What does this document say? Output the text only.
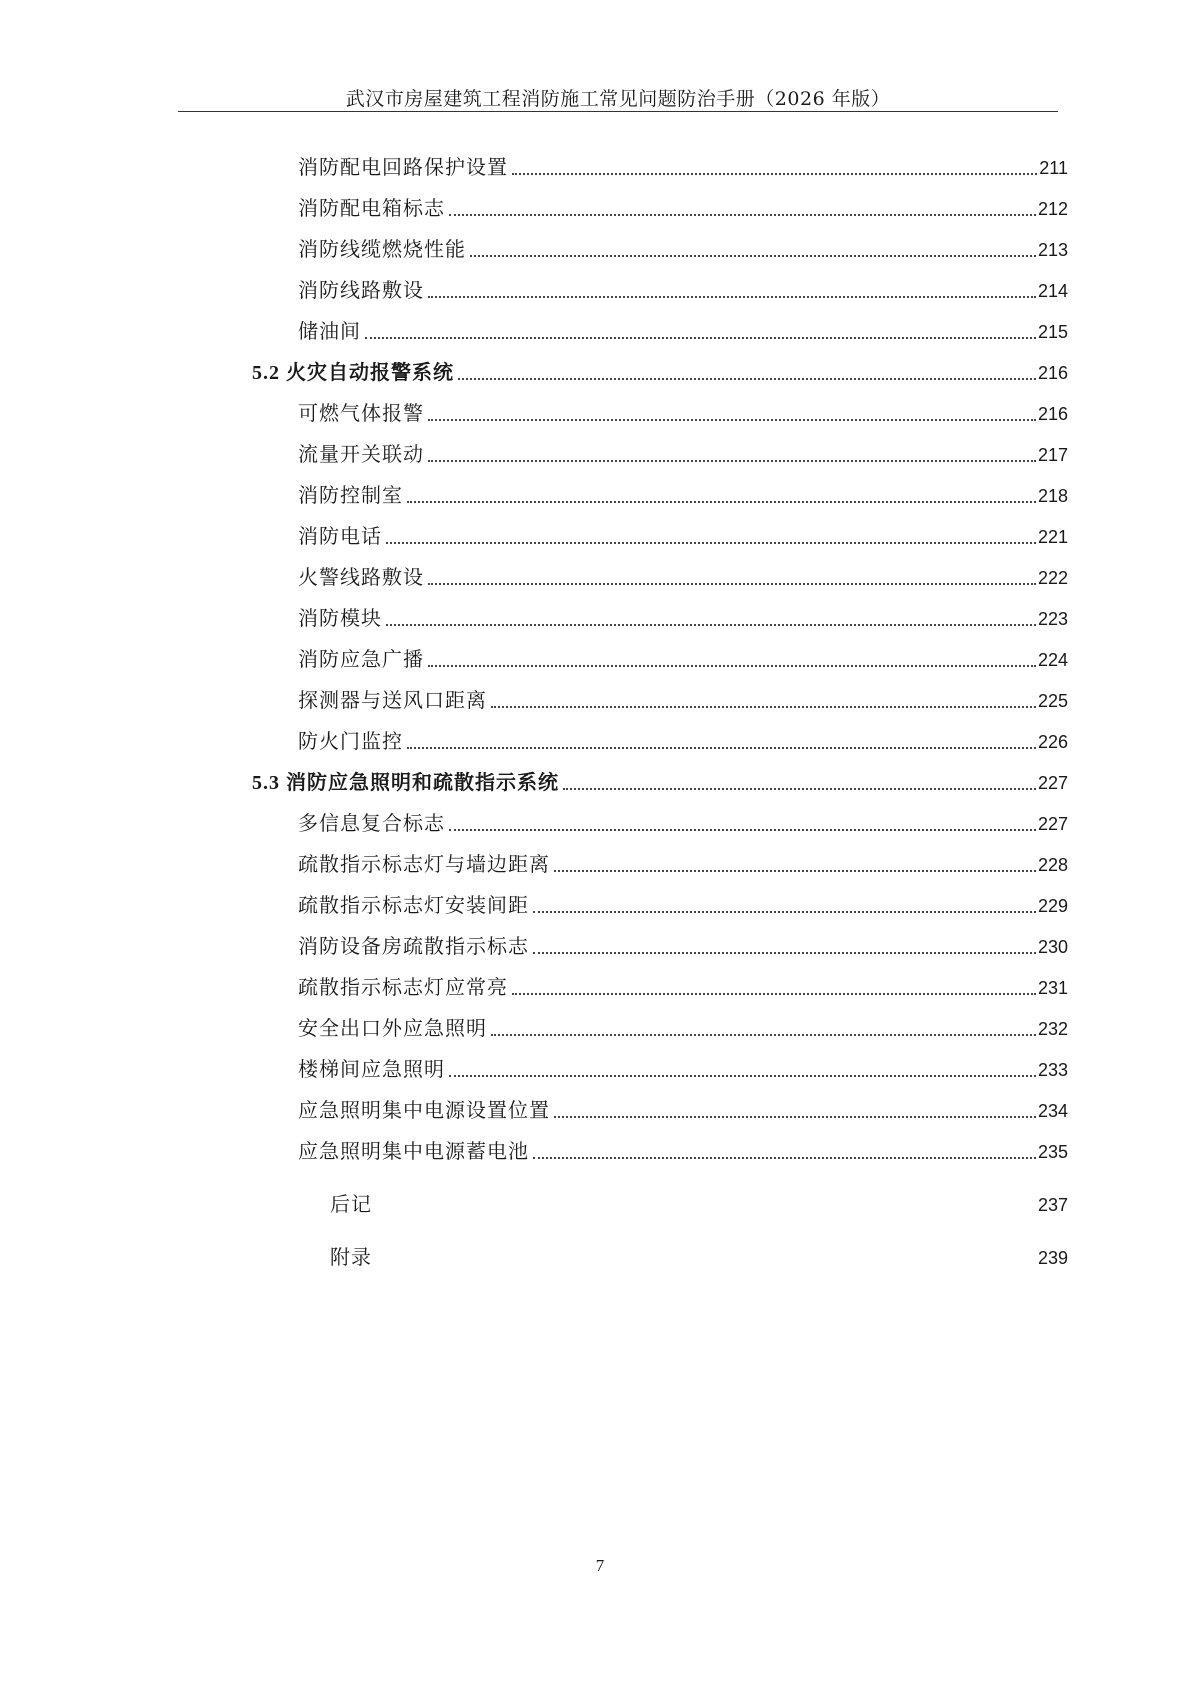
武汉市房屋建筑工程消防施工常见问题防治手册（2026 年版）
消防配电回路保护设置	211
消防配电箱标志	212
消防线缆燃烧性能	213
消防线路敷设	214
储油间	215
5.2 火灾自动报警系统	216
可燃气体报警	216
流量开关联动	217
消防控制室	218
消防电话	221
火警线路敷设	222
消防模块	223
消防应急广播	224
探测器与送风口距离	225
防火门监控	226
5.3 消防应急照明和疏散指示系统	227
多信息复合标志	227
疏散指示标志灯与墙边距离	228
疏散指示标志灯安装间距	229
消防设备房疏散指示标志	230
疏散指示标志灯应常亮	231
安全出口外应急照明	232
楼梯间应急照明	233
应急照明集中电源设置位置	234
应急照明集中电源蓄电池	235
后记	237
附录	239
7
